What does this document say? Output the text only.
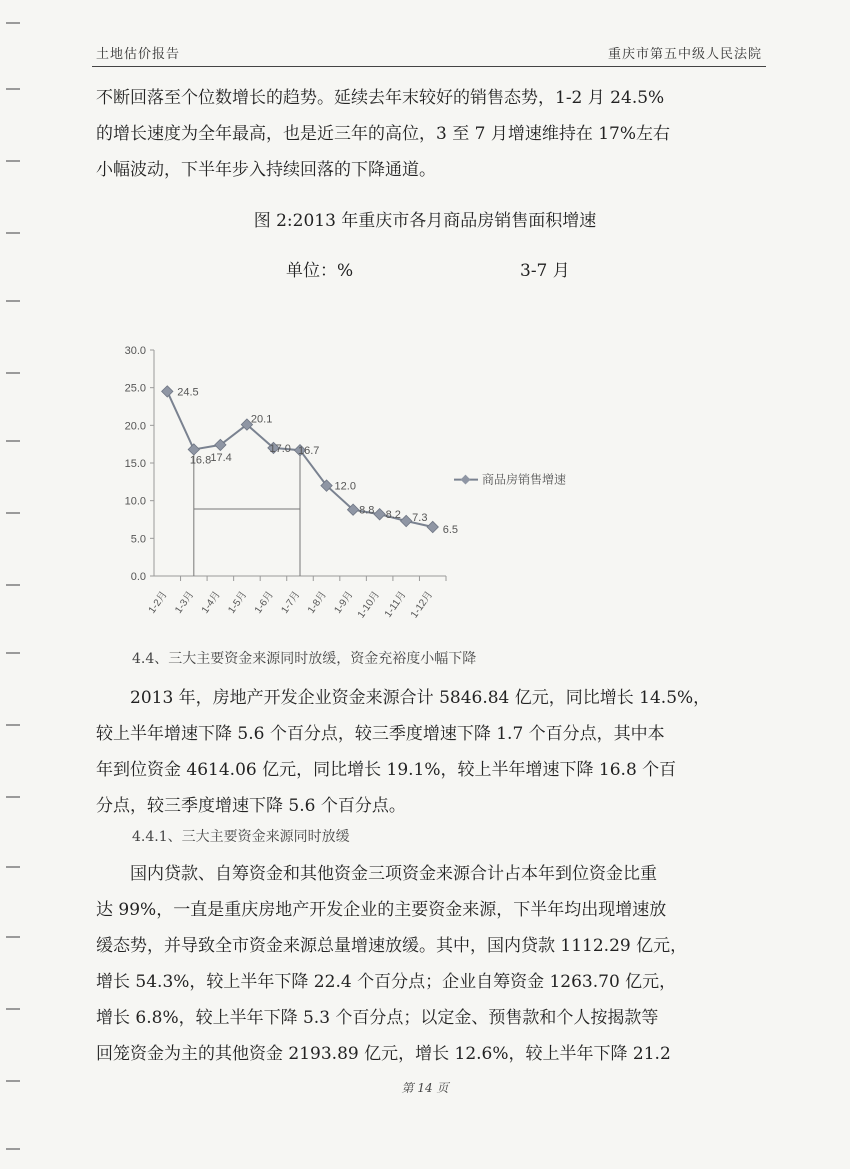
土地估价报告	重庆市第五中级人民法院
不断回落至个位数增长的趋势。延续去年末较好的销售态势，1-2 月 24.5%
的增长速度为全年最高，也是近三年的高位，3 至 7 月增速维持在 17%左右
小幅波动，下半年步入持续回落的下降通道。
图 2:2013 年重庆市各月商品房销售面积增速
单位：%	3-7 月
30.0
25.0
20.0
15.0
10.0
5.0
0.0
1-2月 1-3月 1-4月 1-5月 1-6月 1-7月 1-8月 1-9月 1-10月 1-11月 1-12月
24.5
16.8 17.4
20.1
17.0 16.7
12.0
8.8 8.2 7.3
6.5
商品房销售增速
4.4、三大主要资金来源同时放缓，资金充裕度小幅下降
2013 年，房地产开发企业资金来源合计 5846.84 亿元，同比增长 14.5%，
较上半年增速下降 5.6 个百分点，较三季度增速下降 1.7 个百分点，其中本
年到位资金 4614.06 亿元，同比增长 19.1%，较上半年增速下降 16.8 个百
分点，较三季度增速下降 5.6 个百分点。
4.4.1、三大主要资金来源同时放缓
国内贷款、自筹资金和其他资金三项资金来源合计占本年到位资金比重
达 99%，一直是重庆房地产开发企业的主要资金来源，下半年均出现增速放
缓态势，并导致全市资金来源总量增速放缓。其中，国内贷款 1112.29 亿元，
增长 54.3%，较上半年下降 22.4 个百分点；企业自筹资金 1263.70 亿元，
增长 6.8%，较上半年下降 5.3 个百分点；以定金、预售款和个人按揭款等
回笼资金为主的其他资金 2193.89 亿元，增长 12.6%，较上半年下降 21.2
第 14 页
